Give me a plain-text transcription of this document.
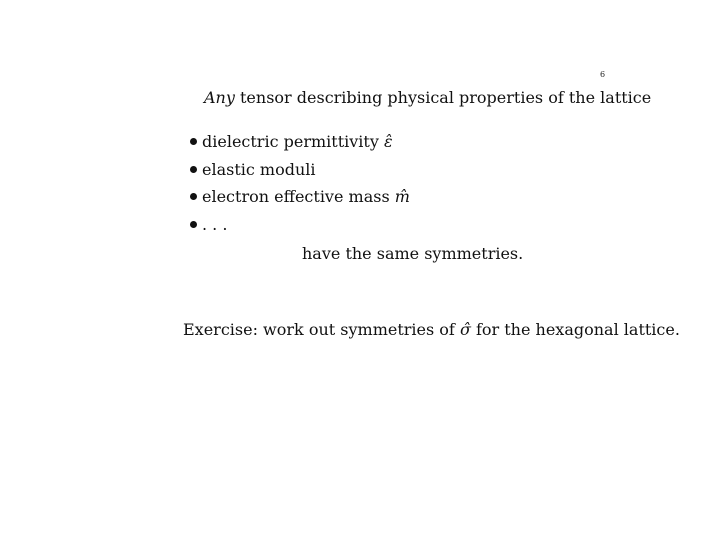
6
Any tensor describing physical properties of the lattice
dielectric permittivity ε̂
elastic moduli
electron effective mass m̂
. . .
have the same symmetries.
Exercise: work out symmetries of σ̂ for the hexagonal lattice.
